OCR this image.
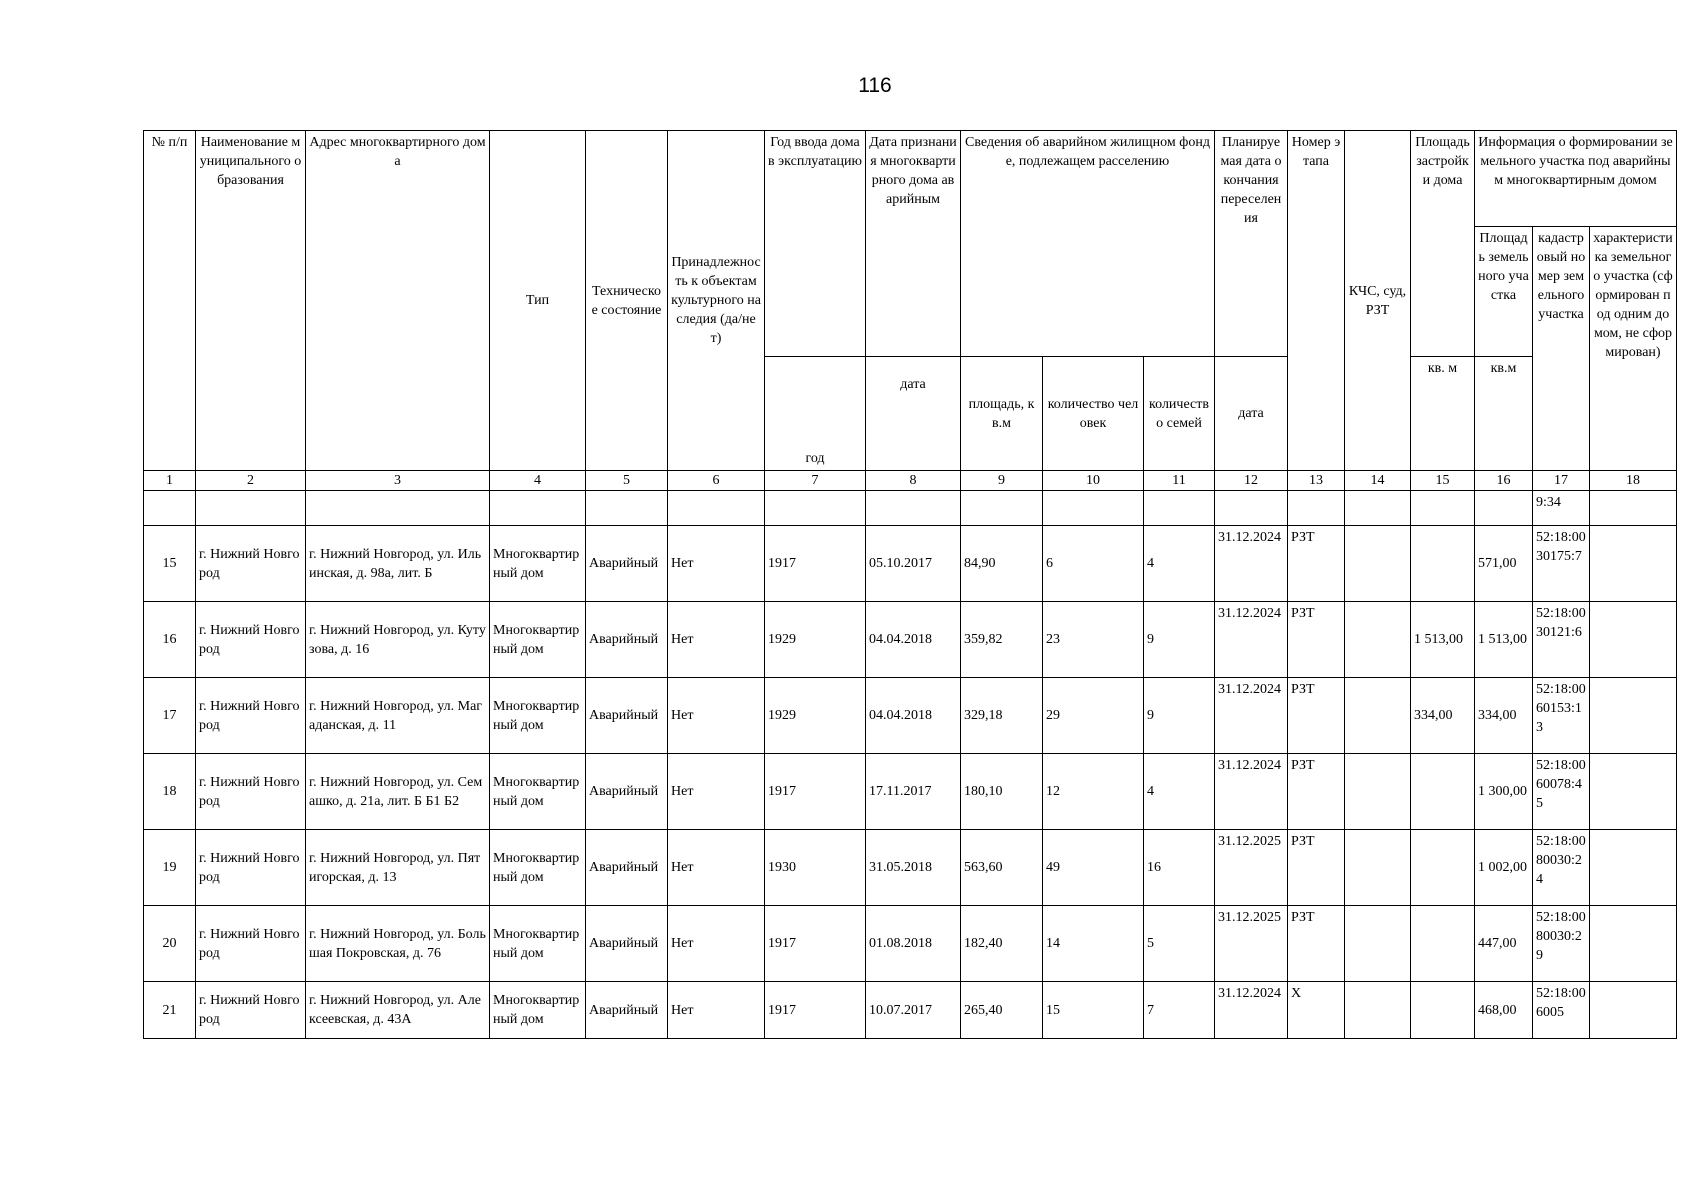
116
№ п/п	Наименование муниципального образования	Адрес многоквартирного дома	Тип	Техническое состояние	Принадлежность к объектам культурного наследия (да/нет)	Год ввода дома в эксплуатацию	Дата признания многоквартирного дома аварийным	Сведения об аварийном жилищном фонде, подлежащем расселению			Планируемая дата окончания переселения	Номер этапа	КЧС, суд, РЗТ	Площадь застройки дома	Информация о формировании земельного участка под аварийным многоквартирным домом		
															Площадь земельного участка	кадастровый номер земельного участка	характеристика земельного участка (сформирован под одним домом, не сформирован)
						год	дата	площадь, кв.м	количество человек	количество семей	дата			кв. м	кв.м		
1	2	3	4	5	6	7	8	9	10	11	12	13	14	15	16	17	18
																9:34	
15	г. Нижний Новгород	г. Нижний Новгород, ул. Ильинская, д. 98а, лит. Б	Многоквартирный дом	Аварийный	Нет	1917	05.10.2017	84,90	6	4	31.12.2024	РЗТ			571,00	52:18:0030175:7	
16	г. Нижний Новгород	г. Нижний Новгород, ул. Кутузова, д. 16	Многоквартирный дом	Аварийный	Нет	1929	04.04.2018	359,82	23	9	31.12.2024	РЗТ		1 513,00	1 513,00	52:18:0030121:6	
17	г. Нижний Новгород	г. Нижний Новгород, ул. Магаданская, д. 11	Многоквартирный дом	Аварийный	Нет	1929	04.04.2018	329,18	29	9	31.12.2024	РЗТ		334,00	334,00	52:18:0060153:13	
18	г. Нижний Новгород	г. Нижний Новгород, ул. Семашко, д. 21а, лит. Б Б1 Б2	Многоквартирный дом	Аварийный	Нет	1917	17.11.2017	180,10	12	4	31.12.2024	РЗТ			1 300,00	52:18:0060078:45	
19	г. Нижний Новгород	г. Нижний Новгород, ул. Пятигорская, д. 13	Многоквартирный дом	Аварийный	Нет	1930	31.05.2018	563,60	49	16	31.12.2025	РЗТ			1 002,00	52:18:0080030:24	
20	г. Нижний Новгород	г. Нижний Новгород, ул. Большая Покровская, д. 76	Многоквартирный дом	Аварийный	Нет	1917	01.08.2018	182,40	14	5	31.12.2025	РЗТ			447,00	52:18:0080030:29	
21	г. Нижний Новгород	г. Нижний Новгород, ул. Алексеевская, д. 43А	Многоквартирный дом	Аварийный	Нет	1917	10.07.2017	265,40	15	7	31.12.2024	Х			468,00	52:18:006005	
